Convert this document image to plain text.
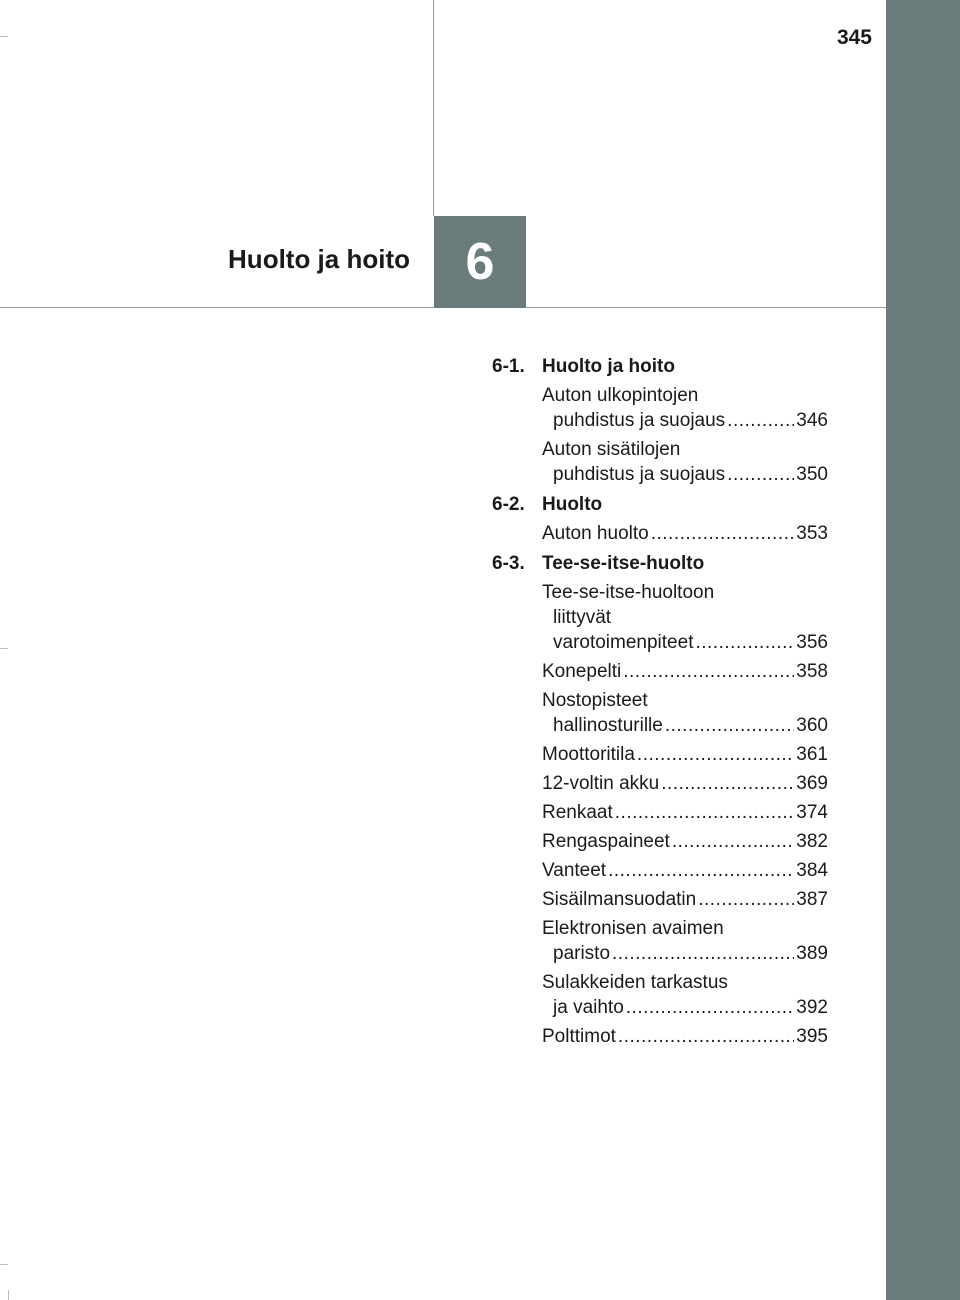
345
Huolto ja hoito 6
6-1. Huolto ja hoito
Auton ulkopintojen
puhdistus ja suojaus .....	346
Auton sisätilojen
puhdistus ja suojaus .....	350
6-2. Huolto
Auton huolto .....	353
6-3. Tee-se-itse-huolto
Tee-se-itse-huoltoon
liittyvät
varotoimenpiteet .....	356
Konepelti .....	358
Nostopisteet
hallinosturille .....	360
Moottoritila .....	361
12-voltin akku .....	369
Renkaat .....	374
Rengaspaineet .....	382
Vanteet .....	384
Sisäilmansuodatin .....	387
Elektronisen avaimen
paristo .....	389
Sulakkeiden tarkastus
ja vaihto .....	392
Polttimot .....	395
